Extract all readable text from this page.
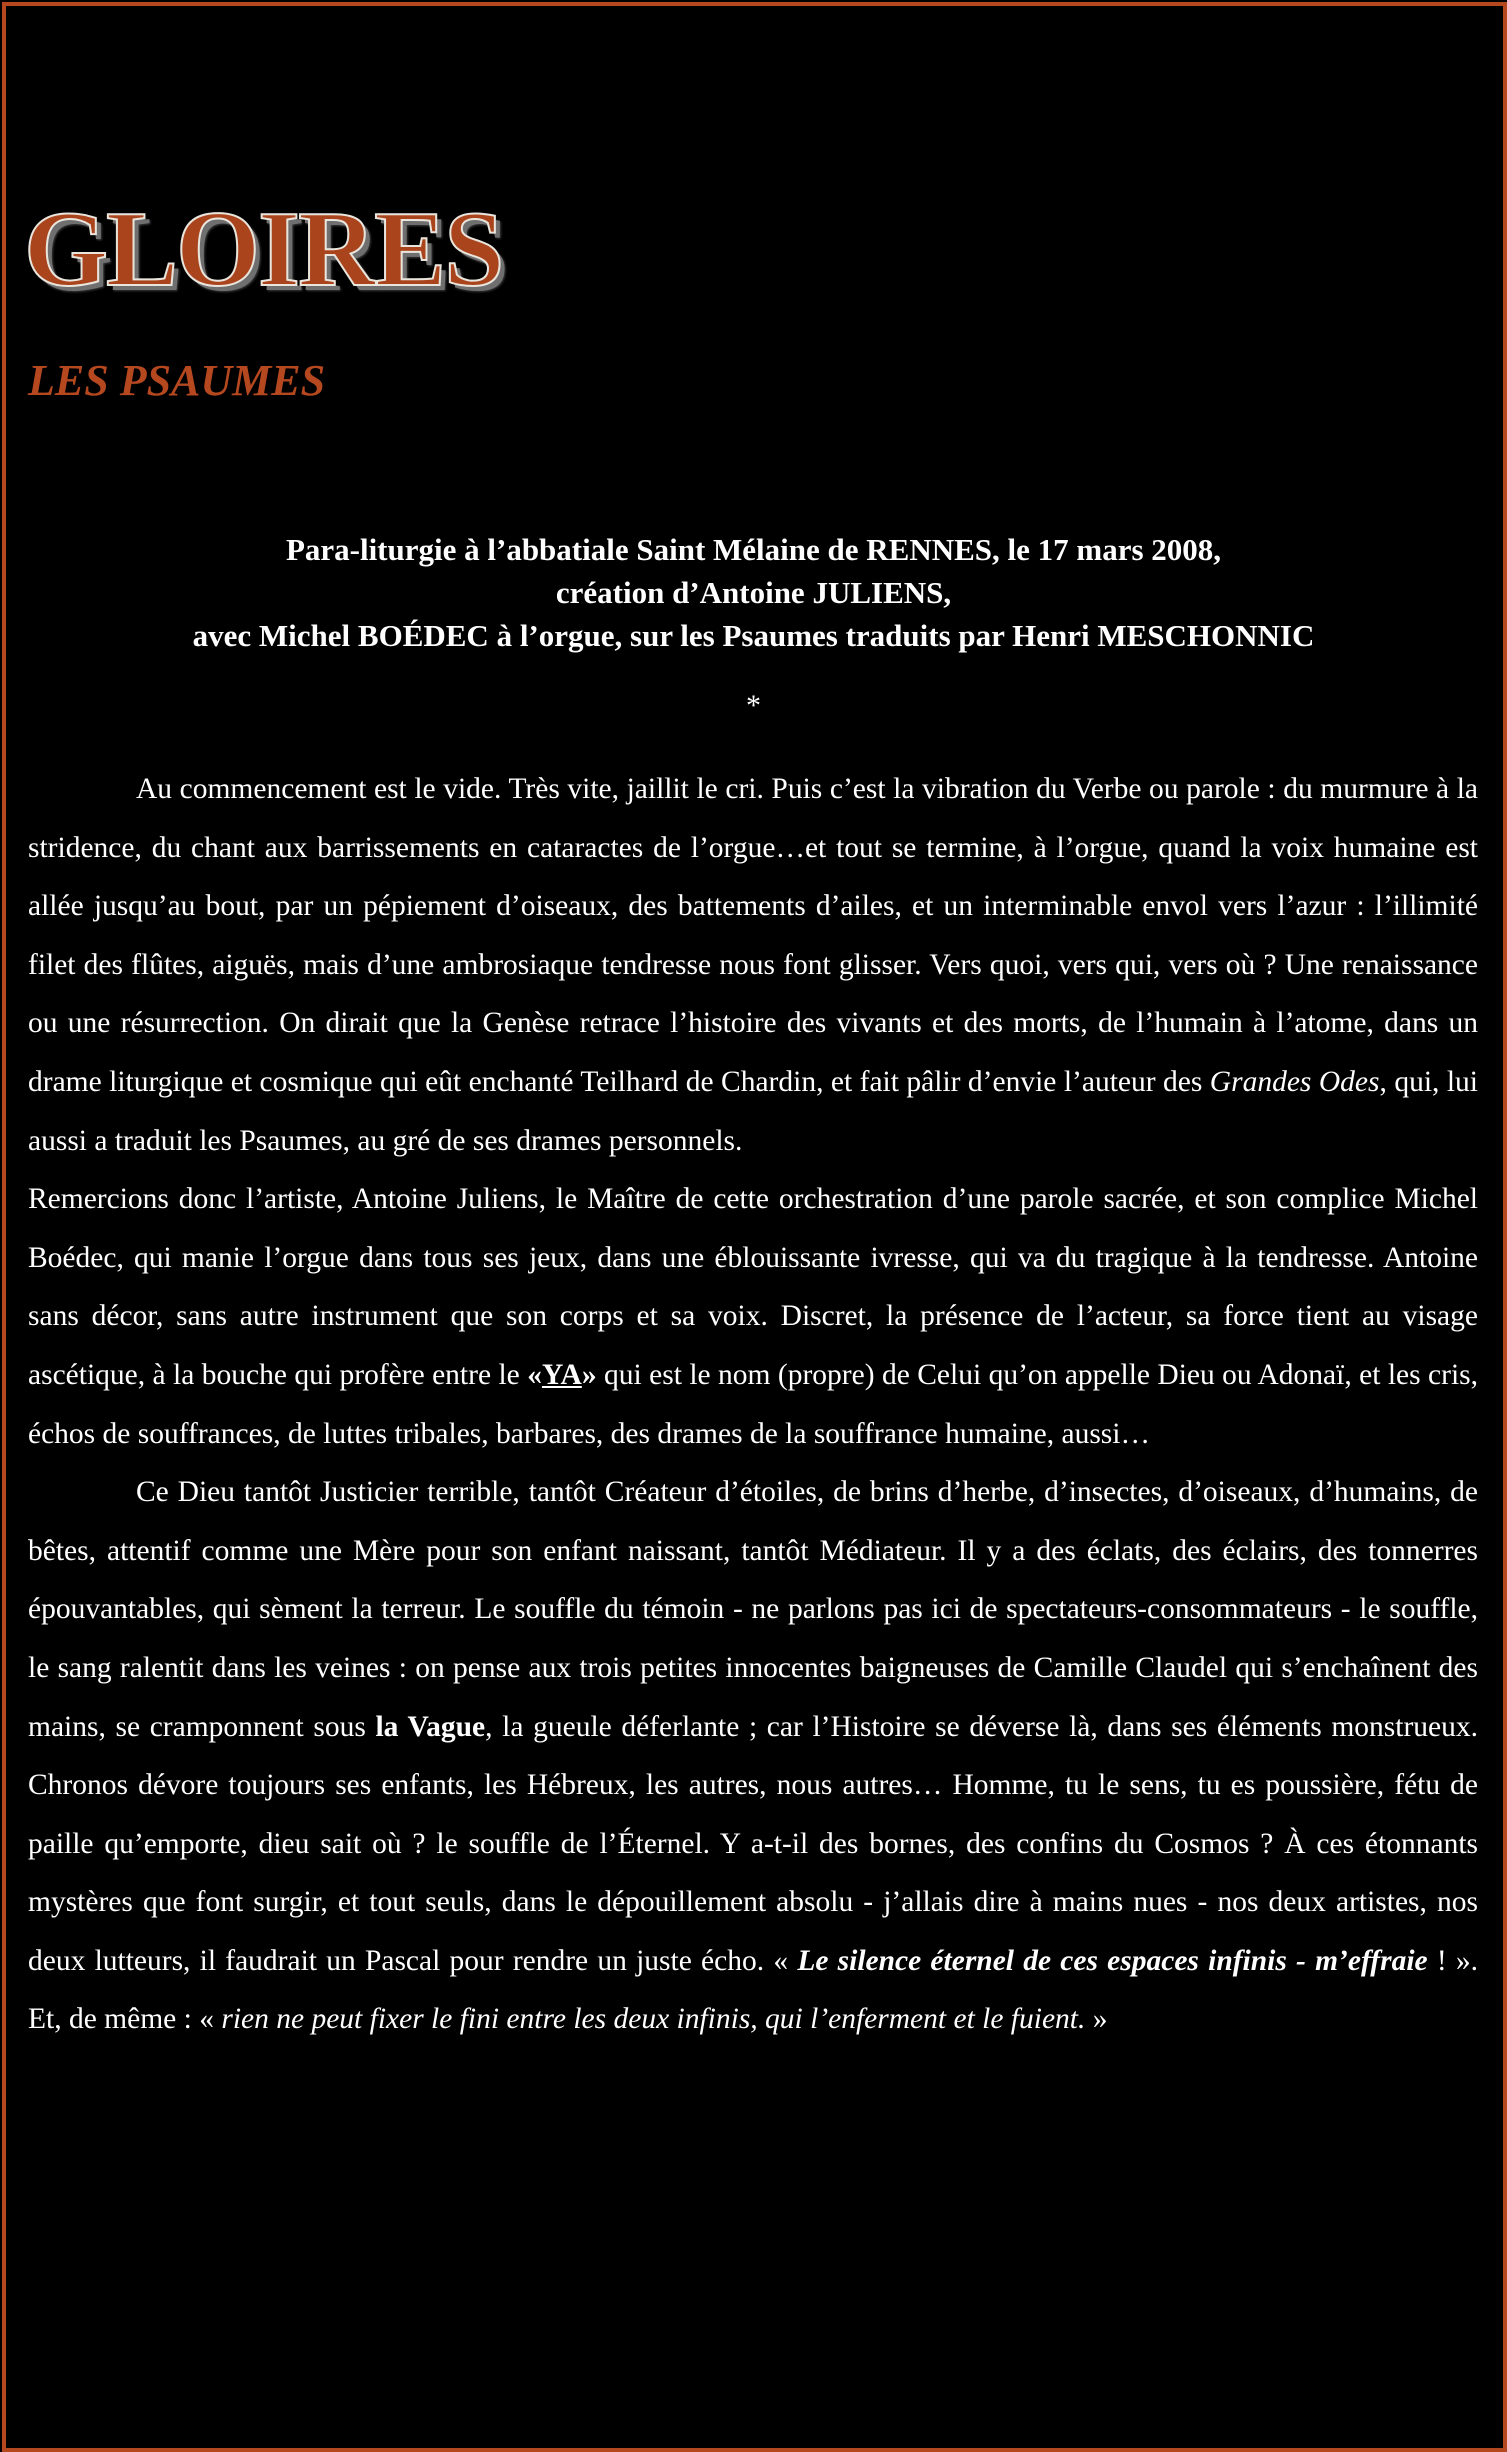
GLOIRES
LES PSAUMES
Para-liturgie à l’abbatiale Saint Mélaine de RENNES, le 17 mars 2008,
création d’Antoine JULIENS,
avec Michel BOÉDEC à l’orgue, sur les Psaumes traduits par Henri MESCHONNIC
*

Au commencement est le vide. Très vite, jaillit le cri. Puis c’est la vibration du Verbe ou parole : du murmure à la stridence, du chant aux barrissements en cataractes de l’orgue…et tout se termine, à l’orgue, quand la voix humaine est allée jusqu’au bout, par un pépiement d’oiseaux, des battements d’ailes, et un interminable envol vers l’azur : l’illimité filet des flûtes, aiguës, mais d’une ambrosiaque tendresse nous font glisser. Vers quoi, vers qui, vers où ? Une renaissance ou une résurrection. On dirait que la Genèse retrace l’histoire des vivants et des morts, de l’humain à l’atome, dans un drame liturgique et cosmique qui eût enchanté Teilhard de Chardin, et fait pâlir d’envie l’auteur des Grandes Odes, qui, lui aussi a traduit les Psaumes, au gré de ses drames personnels.

Remercions donc l’artiste, Antoine Juliens, le Maître de cette orchestration d’une parole sacrée, et son complice Michel Boédec, qui manie l’orgue dans tous ses jeux, dans une éblouissante ivresse, qui va du tragique à la tendresse. Antoine sans décor, sans autre instrument que son corps et sa voix. Discret, la présence de l’acteur, sa force tient au visage ascétique, à la bouche qui profère entre le «YA» qui est le nom (propre) de Celui qu’on appelle Dieu ou Adonaï, et les cris, échos de souffrances, de luttes tribales, barbares, des drames de la souffrance humaine, aussi…

Ce Dieu tantôt Justicier terrible, tantôt Créateur d’étoiles, de brins d’herbe, d’insectes, d’oiseaux, d’humains, de bêtes, attentif comme une Mère pour son enfant naissant, tantôt Médiateur. Il y a des éclats, des éclairs, des tonnerres épouvantables, qui sèment la terreur. Le souffle du témoin - ne parlons pas ici de spectateurs-consommateurs - le souffle, le sang ralentit dans les veines : on pense aux trois petites innocentes baigneuses de Camille Claudel qui s’enchaînent des mains, se cramponnent sous la Vague, la gueule déferlante ; car l’Histoire se déverse là, dans ses éléments monstrueux. Chronos dévore toujours ses enfants, les Hébreux, les autres, nous autres… Homme, tu le sens, tu es poussière, fétu de paille qu’emporte, dieu sait où ? le souffle de l’Éternel. Y a-t-il des bornes, des confins du Cosmos ? À ces étonnants mystères que font surgir, et tout seuls, dans le dépouillement absolu - j’allais dire à mains nues - nos deux artistes, nos deux lutteurs, il faudrait un Pascal pour rendre un juste écho. « Le silence éternel de ces espaces infinis - m’effraie ! ». Et, de même : « rien ne peut fixer le fini entre les deux infinis, qui l’enferment et le fuient. »
